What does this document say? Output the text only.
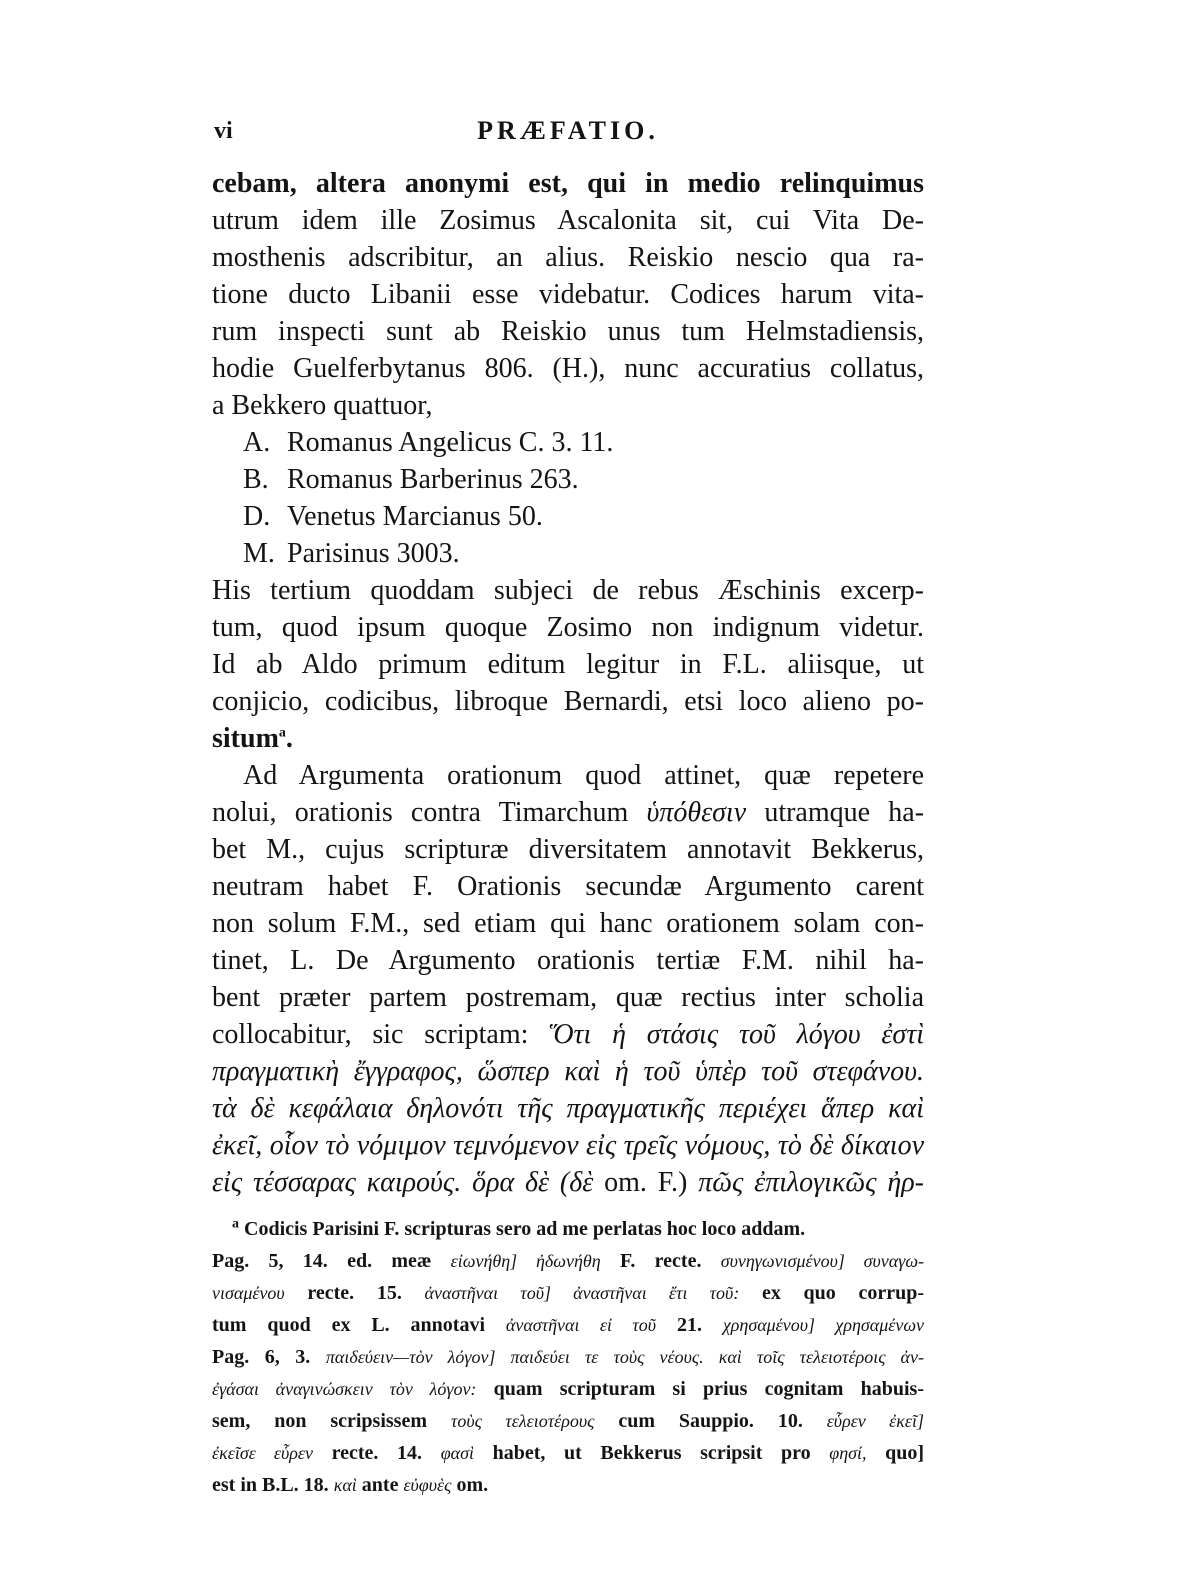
vi	PRÆFATIO.
cebam, altera anonymi est, qui in medio relinquimus
utrum idem ille Zosimus Ascalonita sit, cui Vita De-
mosthenis adscribitur, an alius. Reiskio nescio qua ra-
tione ducto Libanii esse videbatur. Codices harum vita-
rum inspecti sunt ab Reiskio unus tum Helmstadiensis,
hodie Guelferbytanus 806. (H.), nunc accuratius collatus,
a Bekkero quattuor,
A. Romanus Angelicus C. 3. 11.
B. Romanus Barberinus 263.
D. Venetus Marcianus 50.
M. Parisinus 3003.
His tertium quoddam subjeci de rebus Æschinis excerp-
tum, quod ipsum quoque Zosimo non indignum videtur.
Id ab Aldo primum editum legitur in F.L. aliisque, ut
conjicio, codicibus, libroque Bernardi, etsi loco alieno po-
situm$^a$.
Ad Argumenta orationum quod attinet, quæ repetere
nolui, orationis contra Timarchum ὑπόθεσιν utramque ha-
bet M., cujus scripturæ diversitatem annotavit Bekkerus,
neutram habet F. Orationis secundæ Argumento carent
non solum F.M., sed etiam qui hanc orationem solam con-
tinet, L. De Argumento orationis tertiæ F.M. nihil ha-
bent præter partem postremam, quæ rectius inter scholia
collocabitur, sic scriptam: Ὅτι ἡ στάσις τοῦ λόγου ἐστὶ
πραγματικὴ ἔγγραφος, ὥσπερ καὶ ἡ τοῦ ὑπὲρ τοῦ στεφάνου.
τὰ δὲ κεφάλαια δηλονότι τῆς πραγματικῆς περιέχει ἅπερ καὶ
ἐκεῖ, οἷον τὸ νόμιμον τεμνόμενον εἰς τρεῖς νόμους, τὸ δὲ δίκαιον
εἰς τέσσαρας καιρούς. ὅρα δὲ (δὲ om. F.) πῶς ἐπιλογικῶς ἠρ-
$^a$ Codicis Parisini F. scripturas sero ad me perlatas hoc loco addam.
Pag. 5, 14. ed. meæ εἰωνήθη] ἠδωνήθη F. recte. συνηγωνισμένου] συναγω-
νισαμένου recte. 15. ἀναστῆναι τοῦ] ἀναστῆναι ἔτι τοῦ: ex quo corrup-
tum quod ex L. annotavi ἀναστῆναι εἰ τοῦ 21. χρησαμένου] χρησαμένων
Pag. 6, 3. παιδεύειν—τὸν λόγον] παιδεύει τε τοὺς νέους. καὶ τοῖς τελειοτέροις ἀν-
ἐγάσαι ἀναγινώσκειν τὸν λόγον: quam scripturam si prius cognitam habuis-
sem, non scripsissem τοὺς τελειοτέρους cum Sauppio. 10. εὗρεν ἐκεῖ]
ἐκεῖσε εὗρεν recte. 14. φασὶ habet, ut Bekkerus scripsit pro φησί, quo]
est in B.L. 18. καὶ ante εὐφυὲς om.
